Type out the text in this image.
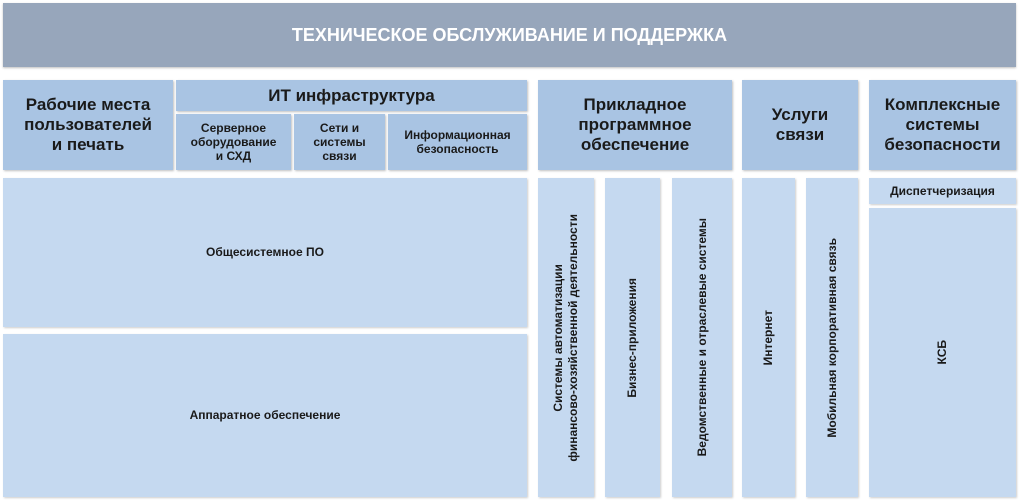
ТЕХНИЧЕСКОЕ ОБСЛУЖИВАНИЕ И ПОДДЕРЖКА
Рабочие места
пользователей
и печать
ИТ инфраструктура
Серверное
оборудование
и СХД
Сети и
системы
связи
Информационная
безопасность
Общесистемное ПО
Аппаратное обеспечение
Прикладное
программное
обеспечение
Системы автоматизации
финансово-хозяйственной деятельности
Бизнес-приложения	Ведомственные и отраслевые системы
Услуги
связи
Интернет	Мобильная корпоративная связь
Комплексные
системы
безопасности
Диспетчеризация
КСБ
